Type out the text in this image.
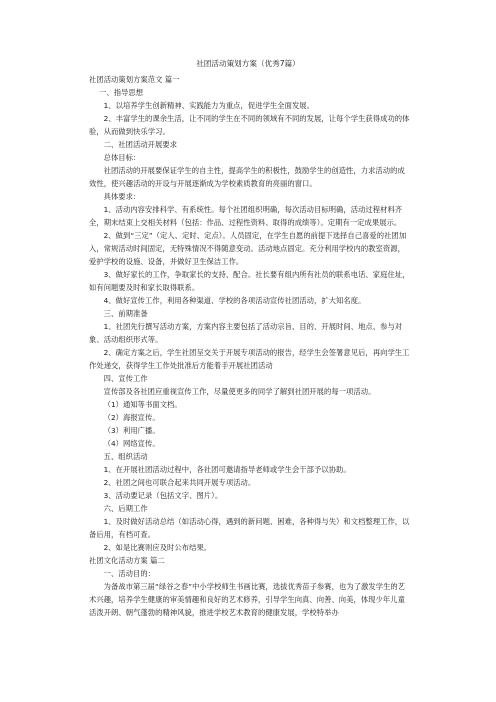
社团活动策划方案（优秀7篇）

社团活动策划方案范文 篇一

一、指导思想

1、以培养学生创新精神、实践能力为重点，促进学生全面发展。

2、丰富学生的课余生活，让不同的学生在不同的领域有不同的发展，让每个学生获得成功的体验，从而做到快乐学习。

二、社团活动开展要求

总体目标：

社团活动的开展要保证学生的自主性，提高学生的积极性，鼓励学生的创造性，力求活动的成效性，使兴趣活动的开设与开展逐渐成为学校素质教育的亮丽的窗口。

具体要求：

1、活动内容安排科学、有系统性。每个社团组织明确，每次活动目标明确，活动过程材料齐全，期末结束上交相关材料（包括：作品、过程性资料、取得的成绩等）。定期有一定成果展示。

2、做到“三定”（定人、定时、定点）。人员固定，在学生自愿的前提下选择自己喜爱的社团加入，常规活动时间固定，无特殊情况不得随意变动。活动地点固定。充分利用学校内的教室资源，爱护学校的设施、设备，并做好卫生保洁工作。

3、做好家长的工作，争取家长的支持、配合。社长要有组内所有社员的联系电话、家庭住址，如有问题要及时和家长取得联系。

4、做好宣传工作，利用各种渠道、学校的各项活动宣传社团活动，扩大知名度。

三、前期准备

1、社团先行撰写活动方案，方案内容主要包括了活动宗旨、目的、开展时间、地点、参与对象、活动组织形式等。

2、确定方案之后，学生社团呈交关于开展专项活动的报告，经学生会签署意见后，再向学生工作处递交，获得学生工作处批准后方能着手开展社团活动

四、宣传工作

宣传部及各社团应重视宣传工作，尽量使更多的同学了解到社团开展的每一项活动。

（1）通知等书面文档。

（2）海报宣传。

（3）利用广播。

（4）网络宣传。

五、组织活动

1、在开展社团活动过程中，各社团可邀请指导老师或学生会干部予以协助。

2、社团之间也可联合起来共同开展专项活动。

3、活动要记录（包括文字、图片）。

六、后期工作

1、及时做好活动总结（如活动心得，遇到的新问题、困难，各种得与失）和文档整理工作，以备后用，有档可查。

2、如是比赛则应及时公布结果。

社团文化活动方案 篇二

一、活动目的：

为备战市第三届“绿谷之春”中小学校师生书画比赛，选拔优秀苗子参赛，也为了激发学生的艺术兴趣，培养学生健康的审美情趣和良好的艺术修养，引导学生向真、向善、向美，体现少年儿童活泼开朗、朝气蓬勃的精神风貌，推进学校艺术教育的健康发展，学校特举办
